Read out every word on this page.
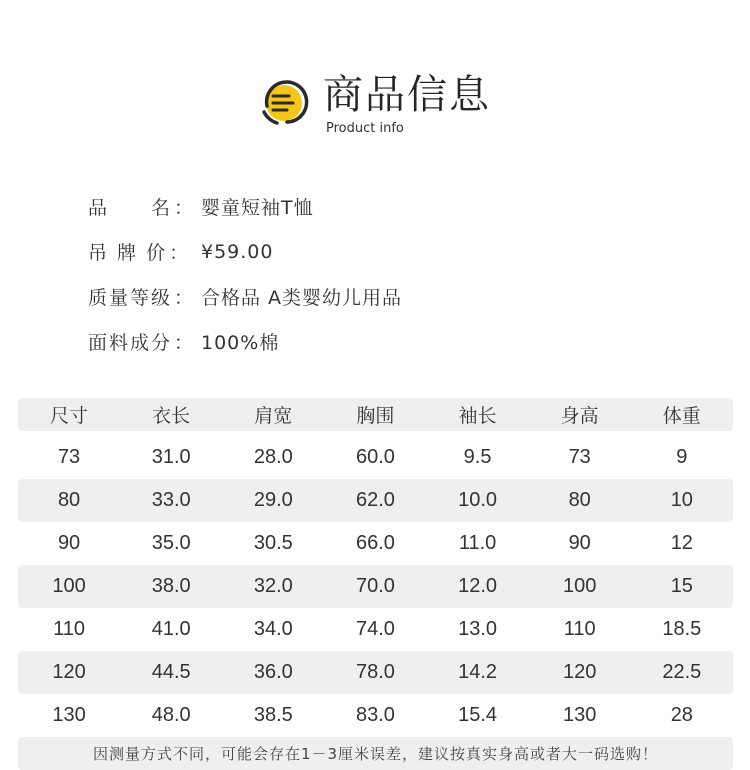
商品信息
Product info
品　　名 ： 婴童短袖T恤
吊 牌 价 ： ¥59.00
质量等级 ： 合格品 A类婴幼儿用品
面料成分 ： 100%棉
尺寸	衣长	肩宽	胸围	袖长	身高	体重
73	31.0	28.0	60.0	9.5	73	9
80	33.0	29.0	62.0	10.0	80	10
90	35.0	30.5	66.0	11.0	90	12
100	38.0	32.0	70.0	12.0	100	15
110	41.0	34.0	74.0	13.0	110	18.5
120	44.5	36.0	78.0	14.2	120	22.5
130	48.0	38.5	83.0	15.4	130	28
因测量方式不同，可能会存在1－3厘米误差，建议按真实身高或者大一码选购！
